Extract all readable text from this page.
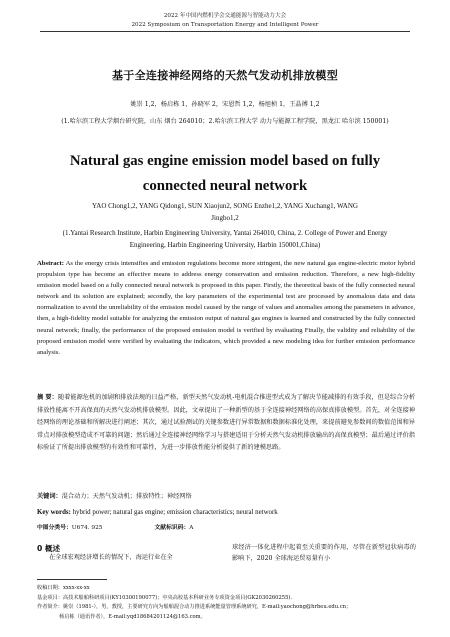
2022 年中国内燃机学会交通能源与智能动力大会
2022 Symposium on Transportation Energy and Intelligent Power
基于全连接神经网络的天然气发动机排放模型
姚崇 1,2，杨启栋 1，孙晓军 2，宋恩哲 1,2，杨旭桢 1，王晶搏 1,2
(1.哈尔滨工程大学烟台研究院，山东 烟台 264010；2.哈尔滨工程大学 动力与能源工程学院，黑龙江 哈尔滨 150001)
Natural gas engine emission model based on fully connected neural network
YAO Chong1,2, YANG Qidong1, SUN Xiaojun2, SONG Enzhe1,2, YANG Xuchang1, WANG Jingbo1,2
(1.Yantai Research Institute, Harbin Engineering University, Yantai 264010, China, 2. College of Power and Energy Engineering, Harbin Engineering University, Harbin 150001,China)
Abstract: As the energy crisis intensifies and emission regulations become more stringent, the new natural gas engine-electric motor hybrid propulsion type has become an effective means to address energy conservation and emission reduction. Therefore, a new high-fidelity emission model based on a fully connected neural network is proposed in this paper. Firstly, the theoretical basis of the fully connected neural network and its solution are explained; secondly, the key parameters of the experimental test are processed by anomalous data and data normalization to avoid the unreliability of the emission model caused by the range of values and anomalies among the parameters in advance, then, a high-fidelity model suitable for analyzing the emission output of natural gas engines is learned and constructed by the fully connected neural network; finally, the performance of the proposed emission model is verified by evaluating Finally, the validity and reliability of the proposed emission model were verified by evaluating the indicators, which provided a new modeling idea for further emission performance analysis.
摘 要：随着能源危机的加剧和排放法规的日益严格，新型天然气发动机-电机混合推进型式成为了解决节能减排的有效手段，但是综合分析排放性能离不开高保真的天然气发动机排放模型。因此，文章提出了一种新型的基于全连接神经网络的高保真排放模型。首先，对全连接神经网络的理论基础和所解决进行阐述；其次，通过试验测试的关键参数进行异常数据和数据标准化处理，来提前避免参数间的数值范围和异常点对排放模型造成不可靠的问题；然后通过全连接神经网络学习与搭建适用于分析天然气发动机排放输出的高保真模型；最后通过评价指标验证了所提出排放模型的有效性和可靠性，为进一步排放性能分析提供了新的建模思路。
关键词：混合动力；天然气发动机；排放特性；神经网络
Key words: hybrid power; natural gas engine; emission characteristics; neural network
中图分类号：U674. 925	文献标识码：A
0 概述
在全球宏观经济增长的情况下，海运行业在全
球经济一体化进程中起着至关重要的作用，尽管在新型冠状病毒的影响下，2020 全球海运贸易量有小
收稿日期：xxxx-xx-xx
基金项目：高技术船舶科研项目(KY10300190077)；中央高校基本科研业务专项资金项目(GK2030260255).
作者简介：姚崇（1981-），男，教授，主要研究方向为船舶混合动力推进系统能量管理系统研究，E-mail:yaochong@hrbeu.edu.cn；
杨启栋（通讯作者），E-mail:yqd18684201124@163.com。
